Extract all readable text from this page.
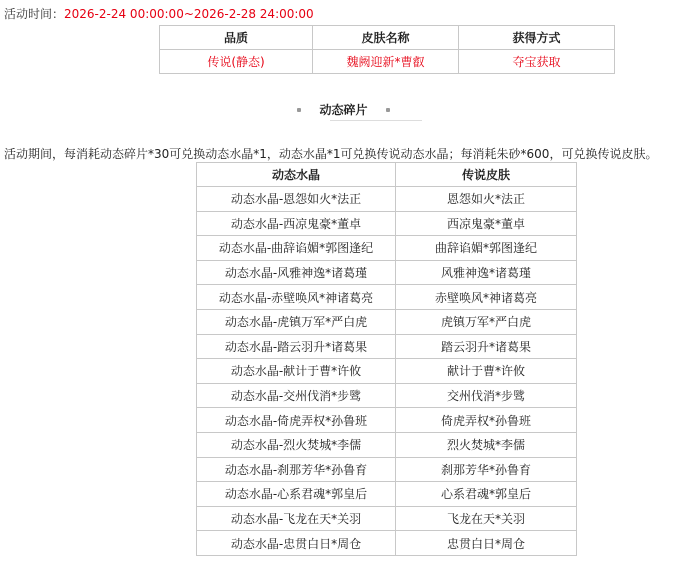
活动时间：2026-2-24 00:00:00~2026-2-28 24:00:00
品质	皮肤名称	获得方式
传说(静态)	魏阙迎新*曹叡	夺宝获取
动态碎片
活动期间，每消耗动态碎片*30可兑换动态水晶*1，动态水晶*1可兑换传说动态水晶；每消耗朱砂*600，可兑换传说皮肤。
动态水晶	传说皮肤
动态水晶-恩怨如火*法正	恩怨如火*法正
动态水晶-西凉鬼豪*董卓	西凉鬼豪*董卓
动态水晶-曲辞谄媚*郭图逢纪	曲辞谄媚*郭图逢纪
动态水晶-风雅神逸*诸葛瑾	风雅神逸*诸葛瑾
动态水晶-赤壁唤风*神诸葛亮	赤壁唤风*神诸葛亮
动态水晶-虎镇万军*严白虎	虎镇万军*严白虎
动态水晶-踏云羽升*诸葛果	踏云羽升*诸葛果
动态水晶-献计于曹*许攸	献计于曹*许攸
动态水晶-交州伐消*步骘	交州伐消*步骘
动态水晶-倚虎弄权*孙鲁班	倚虎弄权*孙鲁班
动态水晶-烈火焚城*李儒	烈火焚城*李儒
动态水晶-刹那芳华*孙鲁育	刹那芳华*孙鲁育
动态水晶-心系君魂*郭皇后	心系君魂*郭皇后
动态水晶-飞龙在天*关羽	飞龙在天*关羽
动态水晶-忠贯白日*周仓	忠贯白日*周仓
